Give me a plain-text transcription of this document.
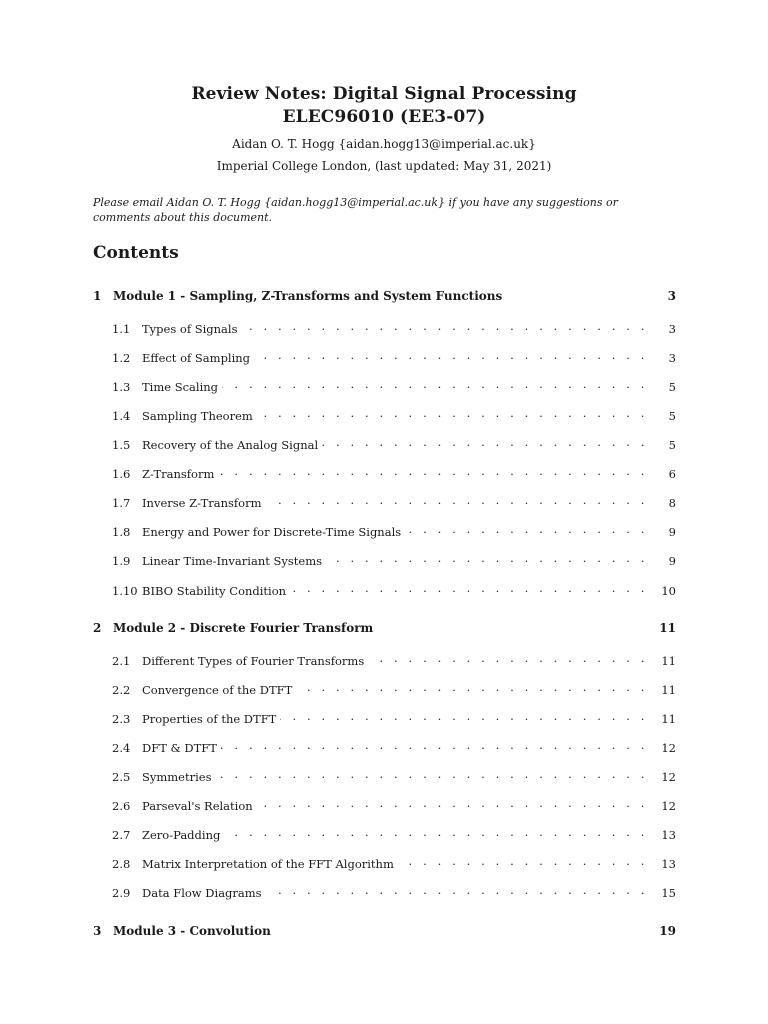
Review Notes: Digital Signal Processing
ELEC96010 (EE3-07)
Aidan O. T. Hogg {aidan.hogg13@imperial.ac.uk}
Imperial College London, (last updated: May 31, 2021)
Please email Aidan O. T. Hogg {aidan.hogg13@imperial.ac.uk} if you have any suggestions or comments about this document.
Contents
1 Module 1 - Sampling, Z-Transforms and System Functions	3
1.1	Types of Signals . . .	3
1.2	Effect of Sampling . . .	3
1.3	Time Scaling . . .	5
1.4	Sampling Theorem . . .	5
1.5	Recovery of the Analog Signal . . .	5
1.6	Z-Transform . . .	6
1.7	Inverse Z-Transform . . .	8
1.8	Energy and Power for Discrete-Time Signals . . .	9
1.9	Linear Time-Invariant Systems . . .	9
1.10 BIBO Stability Condition . . .	10
2 Module 2 - Discrete Fourier Transform	11
2.1	Different Types of Fourier Transforms . . .	11
2.2	Convergence of the DTFT . . .	11
2.3	Properties of the DTFT . . .	11
2.4	DFT & DTFT . . .	12
2.5	Symmetries . . .	12
2.6	Parseval's Relation . . .	12
2.7	Zero-Padding . . .	13
2.8	Matrix Interpretation of the FFT Algorithm . . .	13
2.9	Data Flow Diagrams . . .	15
3 Module 3 - Convolution	19
